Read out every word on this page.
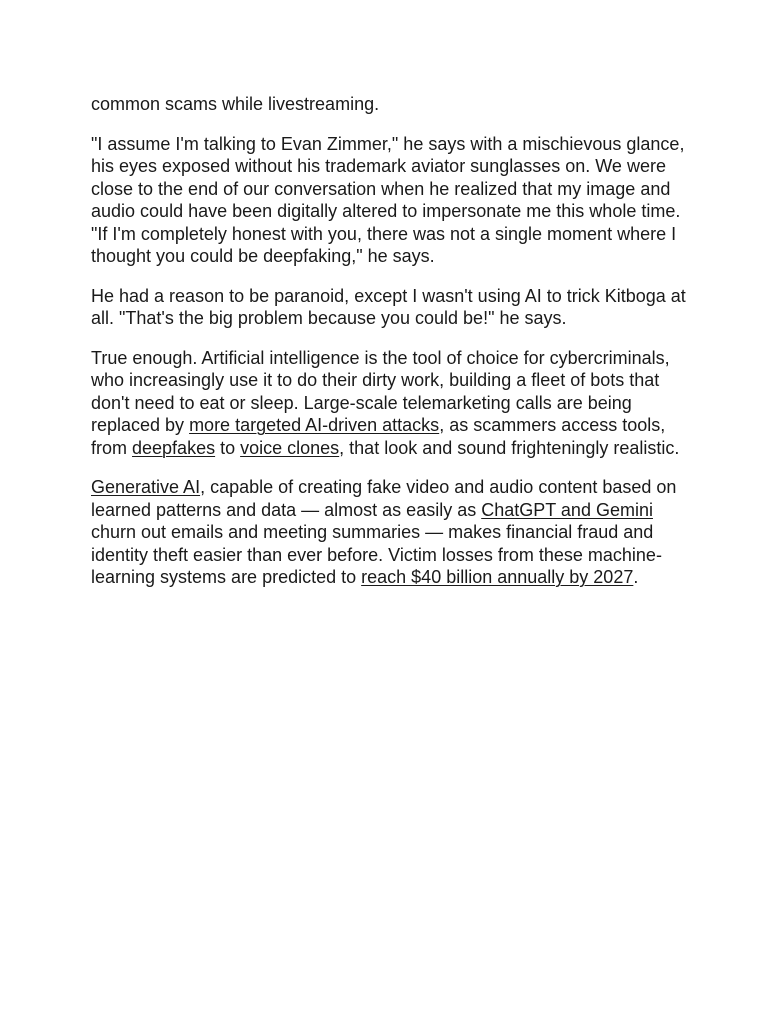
common scams while livestreaming.

"I assume I'm talking to Evan Zimmer," he says with a mischievous glance, his eyes exposed without his trademark aviator sunglasses on. We were close to the end of our conversation when he realized that my image and audio could have been digitally altered to impersonate me this whole time. "If I'm completely honest with you, there was not a single moment where I thought you could be deepfaking," he says.

He had a reason to be paranoid, except I wasn't using AI to trick Kitboga at all. "That's the big problem because you could be!" he says.

True enough. Artificial intelligence is the tool of choice for cybercriminals, who increasingly use it to do their dirty work, building a fleet of bots that don't need to eat or sleep. Large-scale telemarketing calls are being replaced by more targeted AI-driven attacks, as scammers access tools, from deepfakes to voice clones, that look and sound frighteningly realistic.

Generative AI, capable of creating fake video and audio content based on learned patterns and data — almost as easily as ChatGPT and Gemini churn out emails and meeting summaries — makes financial fraud and identity theft easier than ever before. Victim losses from these machine-learning systems are predicted to reach $40 billion annually by 2027.
